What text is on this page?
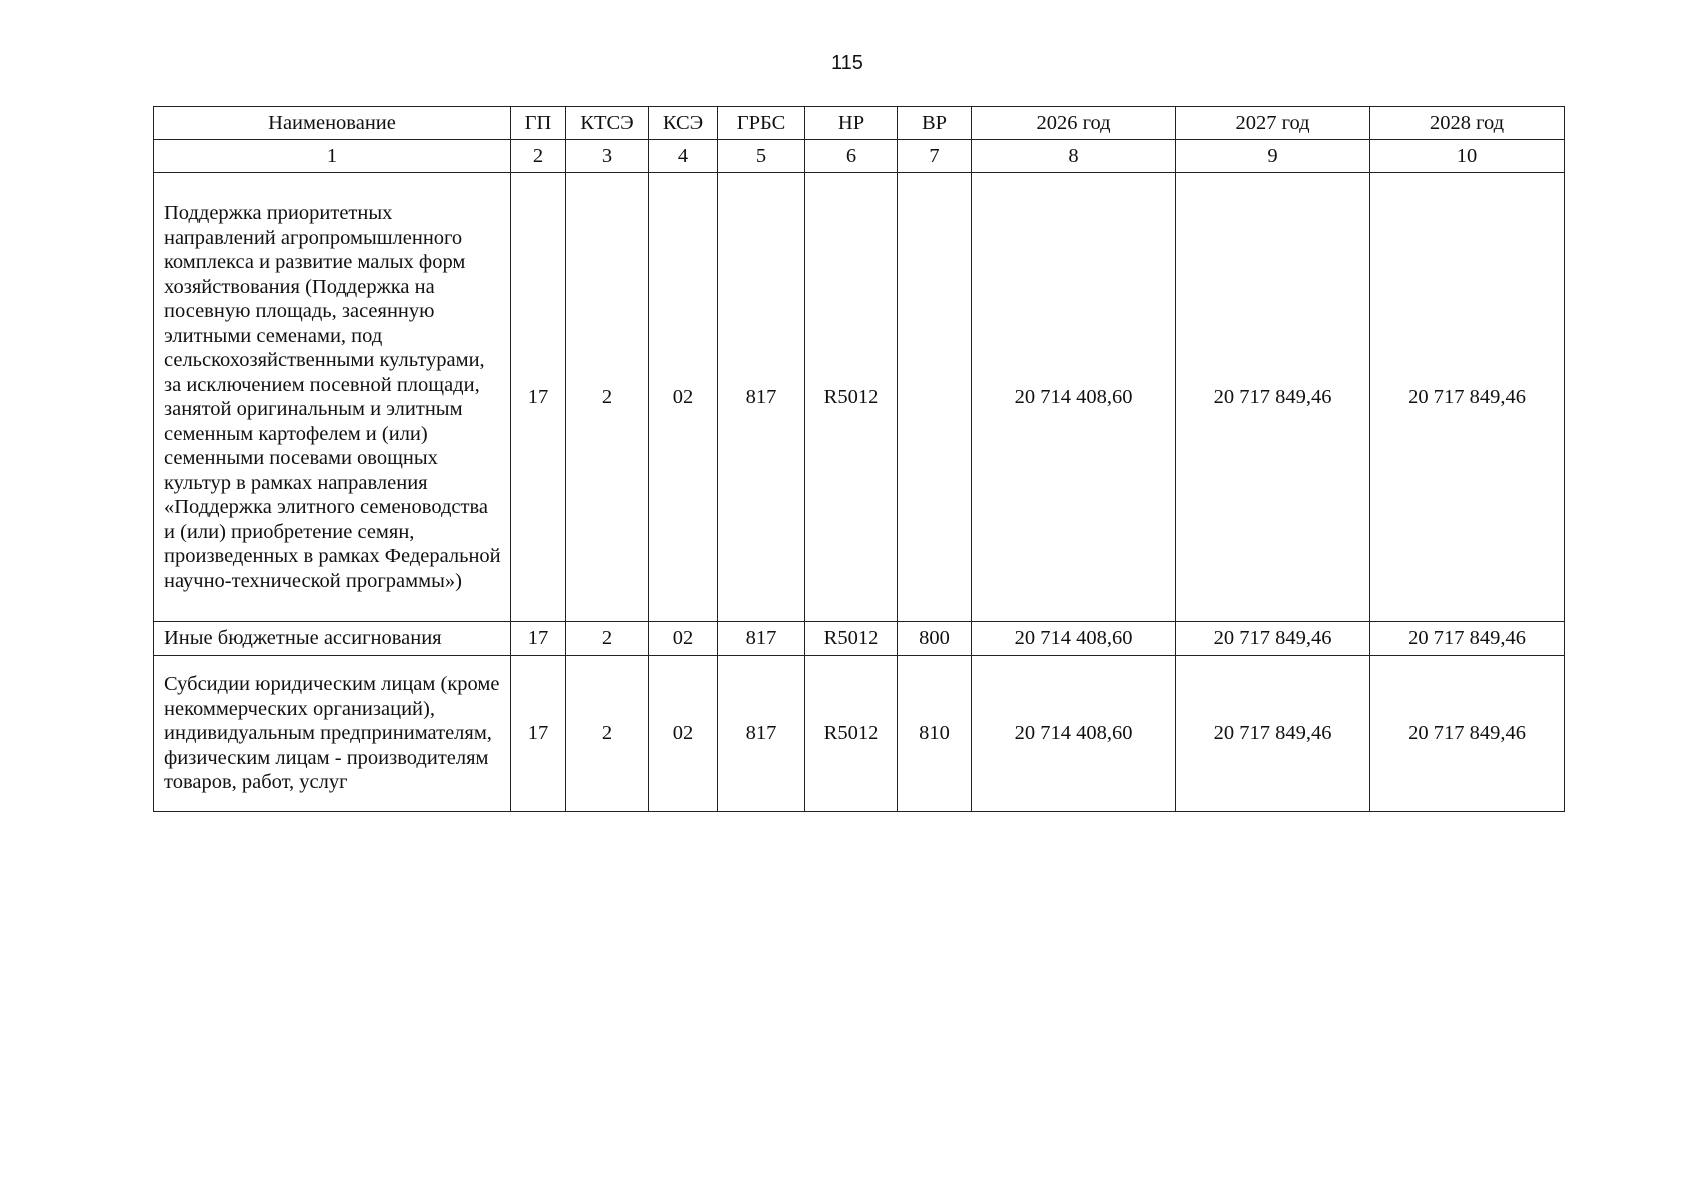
115
Наименование	ГП	КТСЭ	КСЭ	ГРБС	НР	ВР	2026 год	2027 год	2028 год
1	2	3	4	5	6	7	8	9	10
Поддержка приоритетных направлений агропромышленного комплекса и развитие малых форм хозяйствования (Поддержка на посевную площадь, засеянную элитными семенами, под сельскохозяйственными культурами, за исключением посевной площади, занятой оригинальным и элитным семенным картофелем и (или) семенными посевами овощных культур в рамках направления «Поддержка элитного семеноводства и (или) приобретение семян, произведенных в рамках Федеральной научно-технической программы»)	17	2	02	817	R5012		20 714 408,60	20 717 849,46	20 717 849,46
Иные бюджетные ассигнования	17	2	02	817	R5012	800	20 714 408,60	20 717 849,46	20 717 849,46
Субсидии юридическим лицам (кроме некоммерческих организаций), индивидуальным предпринимателям, физическим лицам - производителям товаров, работ, услуг	17	2	02	817	R5012	810	20 714 408,60	20 717 849,46	20 717 849,46
